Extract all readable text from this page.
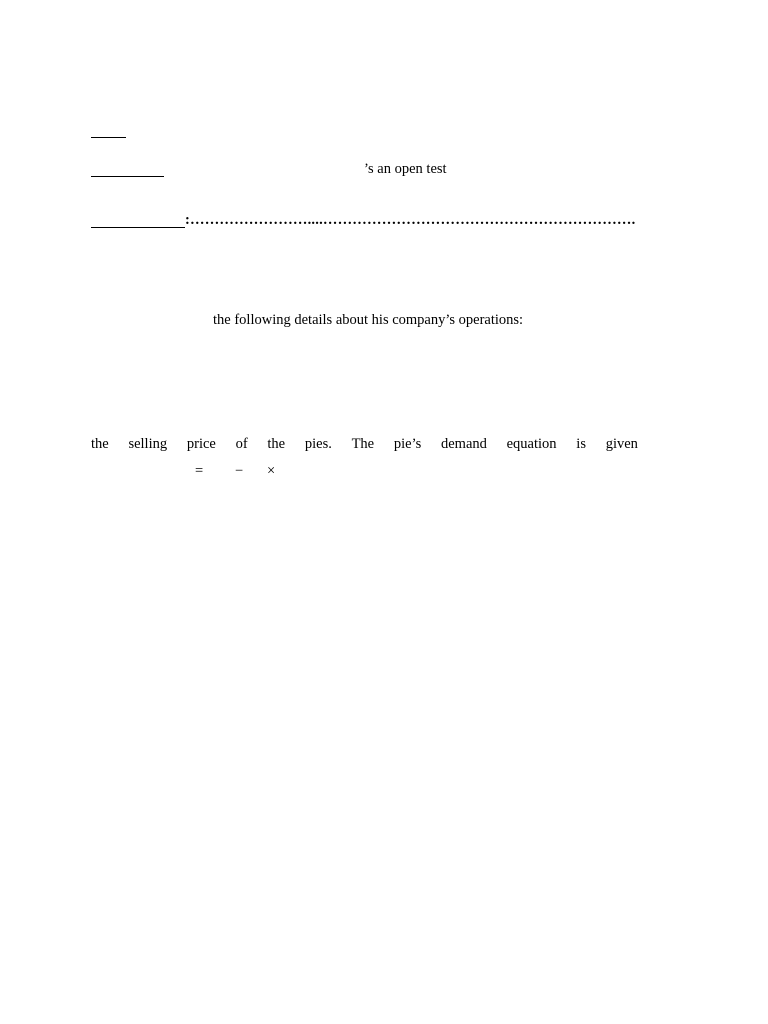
’s an open test
: ……………………....……………………………………………………….
the following details about his company’s operations:
the selling price of the pies. The pie’s demand equation is given
= − ×
